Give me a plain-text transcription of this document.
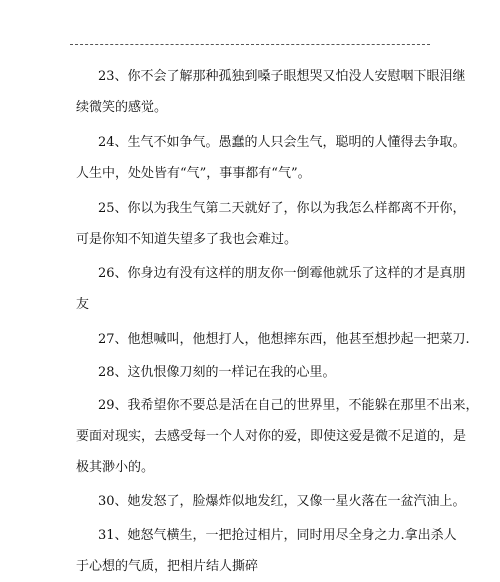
23、你不会了解那种孤独到嗓子眼想哭又怕没人安慰咽下眼泪继
续微笑的感觉。
24、生气不如争气。愚蠢的人只会生气，聪明的人懂得去争取。
人生中，处处皆有“气”，事事都有“气”。
25、你以为我生气第二天就好了，你以为我怎么样都离不开你，
可是你知不知道失望多了我也会难过。
26、你身边有没有这样的朋友你一倒霉他就乐了这样的才是真朋
友
27、他想喊叫，他想打人，他想摔东西，他甚至想抄起一把菜刀.
28、这仇恨像刀刻的一样记在我的心里。
29、我希望你不要总是活在自己的世界里，不能躲在那里不出来，
要面对现实，去感受每一个人对你的爱，即使这爱是微不足道的，是
极其渺小的。
30、她发怒了，脸爆炸似地发红，又像一星火落在一盆汽油上。
31、她怒气横生，一把抢过相片，同时用尽全身之力.拿出杀人
于心想的气质，把相片结人撕碎
